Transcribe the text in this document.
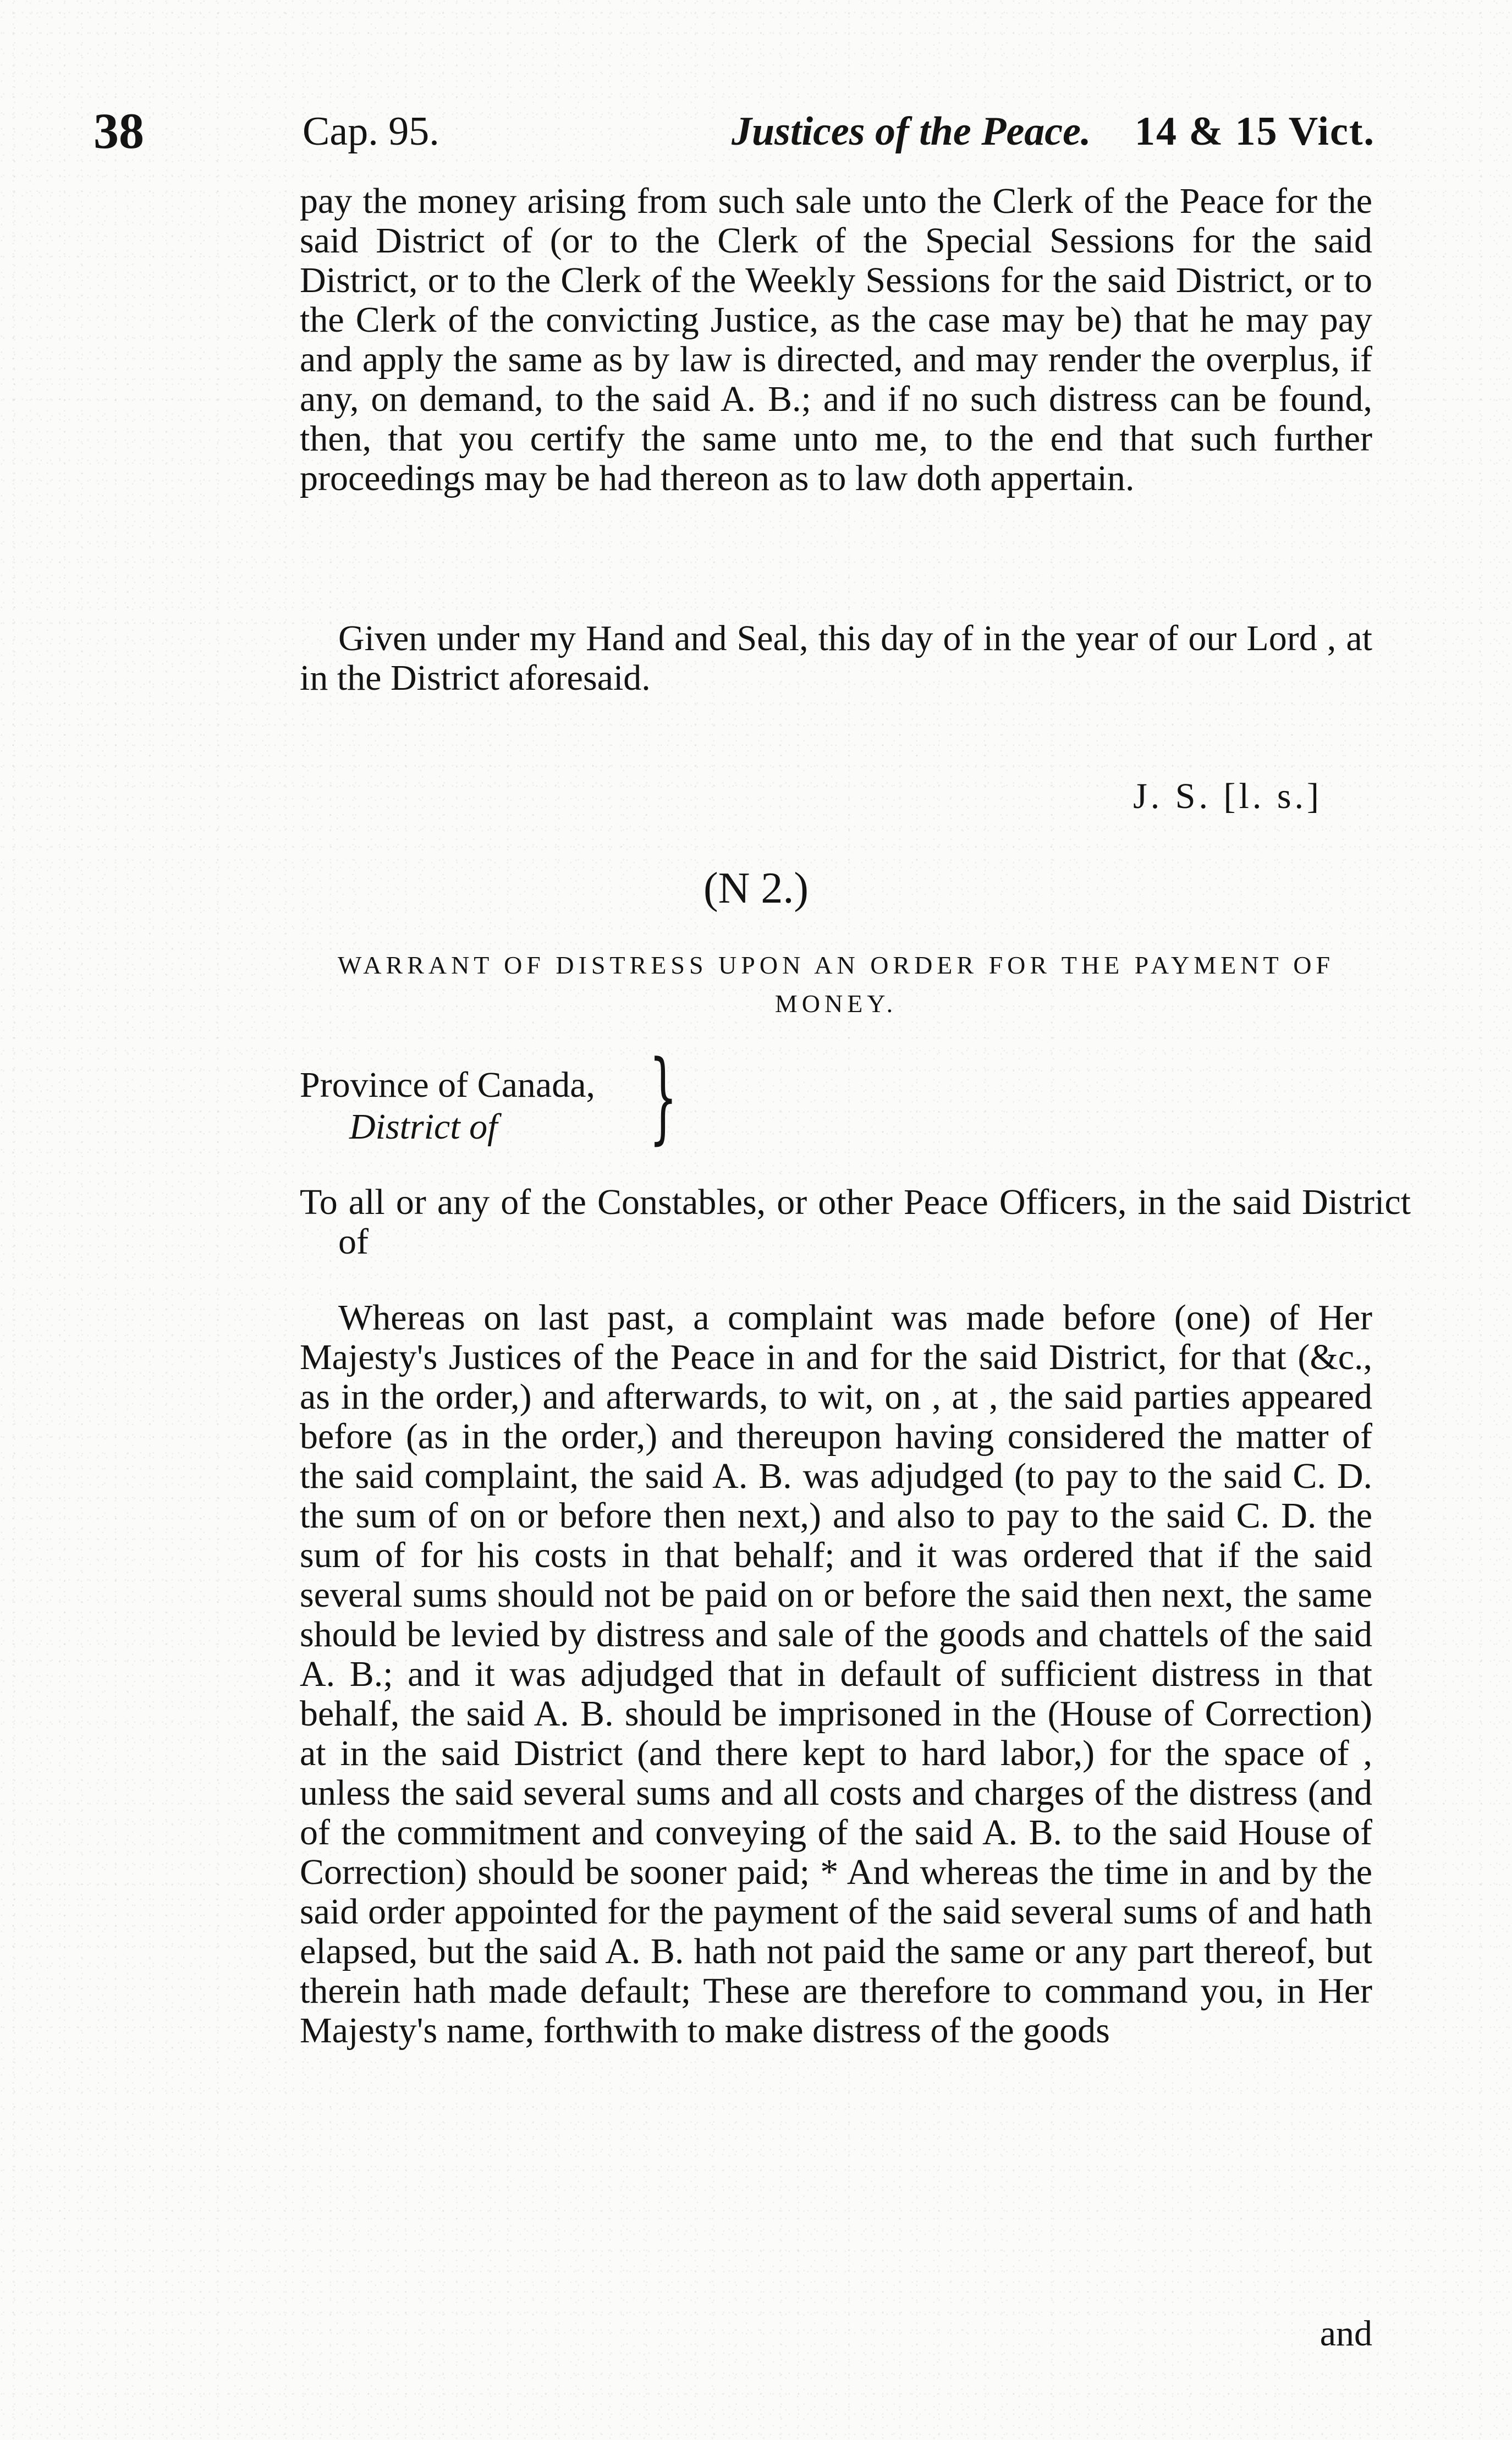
38	Cap. 95.	Justices of the Peace. 14 & 15 Vict.

pay the money arising from such sale unto the Clerk of the Peace for the said District of (or to the Clerk of the Special Sessions for the said District, or to the Clerk of the Weekly Sessions for the said District, or to the Clerk of the convicting Justice, as the case may be) that he may pay and apply the same as by law is directed, and may render the overplus, if any, on demand, to the said A. B.; and if no such distress can be found, then, that you certify the same unto me, to the end that such further proceedings may be had thereon as to law doth appertain.

Given under my Hand and Seal, this day of in the year of our Lord , at in the District aforesaid.

J. S. [l. s.]
(N 2.)
WARRANT OF DISTRESS UPON AN ORDER FOR THE PAYMENT OF MONEY.
Province of Canada,
District of	}

To all or any of the Constables, or other Peace Officers, in the said District of

Whereas on last past, a complaint was made before (one) of Her Majesty's Justices of the Peace in and for the said District, for that (&c., as in the order,) and afterwards, to wit, on , at , the said parties appeared before (as in the order,) and thereupon having considered the matter of the said complaint, the said A. B. was adjudged (to pay to the said C. D. the sum of on or before then next,) and also to pay to the said C. D. the sum of for his costs in that behalf; and it was ordered that if the said several sums should not be paid on or before the said then next, the same should be levied by distress and sale of the goods and chattels of the said A. B.; and it was adjudged that in default of sufficient distress in that behalf, the said A. B. should be imprisoned in the (House of Correction) at in the said District (and there kept to hard labor,) for the space of , unless the said several sums and all costs and charges of the distress (and of the commitment and conveying of the said A. B. to the said House of Correction) should be sooner paid; * And whereas the time in and by the said order appointed for the payment of the said several sums of and hath elapsed, but the said A. B. hath not paid the same or any part thereof, but therein hath made default; These are therefore to command you, in Her Majesty's name, forthwith to make distress of the goods

and
